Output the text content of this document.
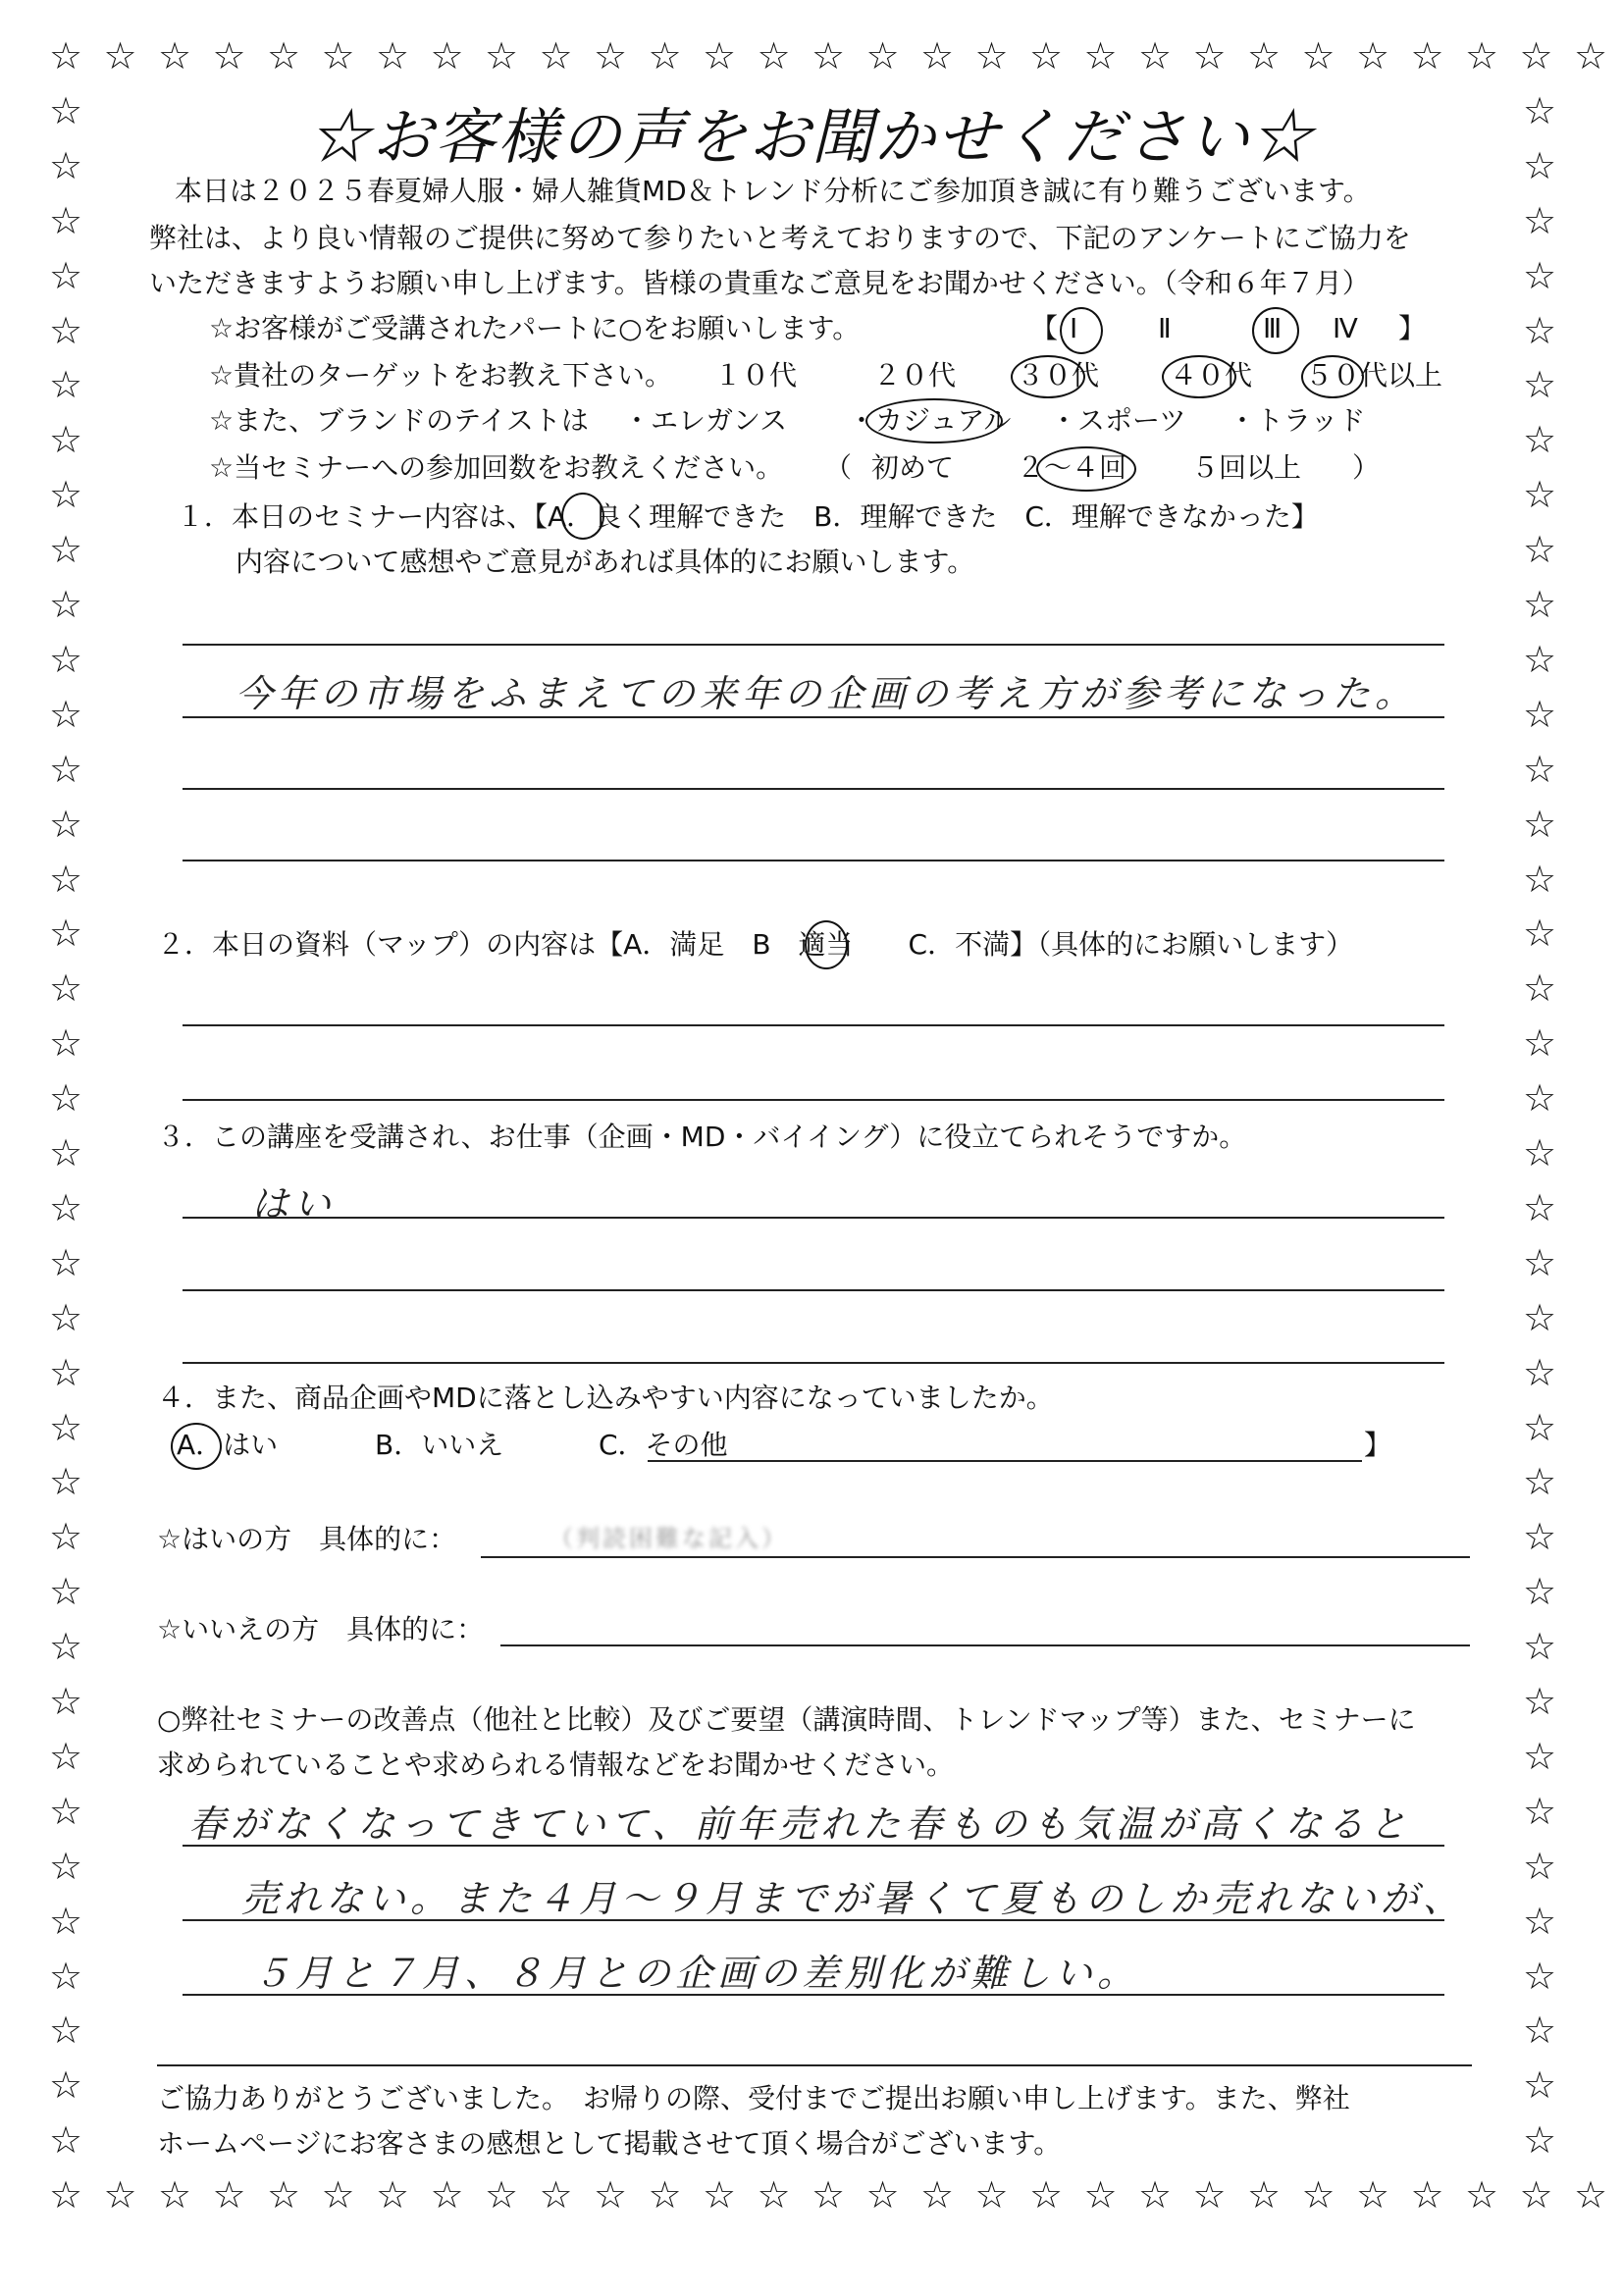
☆
☆
☆
☆
☆
☆
☆
☆
☆
☆
☆
☆
☆
☆
☆
☆
☆
☆
☆
☆
☆
☆
☆
☆
☆
☆
☆
☆
☆
☆
☆
☆
☆
☆
☆
☆
☆
☆
☆
☆
☆
☆
☆
☆
☆
☆
☆
☆
☆
☆
☆
☆
☆
☆
☆
☆
☆
☆
☆	☆
☆	☆
☆	☆
☆	☆
☆	☆
☆	☆
☆	☆
☆	☆
☆	☆
☆	☆
☆	☆
☆	☆
☆	☆
☆	☆
☆	☆
☆	☆
☆	☆
☆	☆
☆	☆
☆	☆
☆	☆
☆	☆
☆	☆
☆	☆
☆	☆
☆	☆
☆	☆
☆	☆
☆	☆
☆	☆
☆	☆
☆	☆
☆	☆
☆	☆
☆	☆
☆	☆
☆	☆
☆	☆
☆お客様の声をお聞かせください☆
本日は２０２５春夏婦人服・婦人雑貨MD＆トレンド分析にご参加頂き誠に有り難うございます。
弊社は、より良い情報のご提供に努めて参りたいと考えておりますので、下記のアンケートにご協力を
いただきますようお願い申し上げます。皆様の貴重なご意見をお聞かせください。（令和６年７月）
☆お客様がご受講されたパートに○をお願いします。	【 Ⅰ	Ⅱ	Ⅲ Ⅳ 】
☆貴社のターゲットをお教え下さい。 １０代	２０代 ３０代	４０代 ５０代以上
☆また、ブランドのテイストは ・エレガンス ・カジュアル ・スポーツ ・トラッド
☆当セミナーへの参加回数をお教えください。 （ 初めて ２～４回 ５回以上 ）
１．本日のセミナー内容は、【A．良く理解できた　B．理解できた　C．理解できなかった】
内容について感想やご意見があれば具体的にお願いします。
今年の市場をふまえての来年の企画の考え方が参考になった。
２．本日の資料（マップ）の内容は【A．満足　B　適当　　C．不満】（具体的にお願いします）
３．この講座を受講され、お仕事（企画・MD・バイイング）に役立てられそうですか。
はい
４．また、商品企画やMDに落とし込みやすい内容になっていましたか。
A．はい	B．いいえ	C．その他	】
☆はいの方　具体的に：	（判読困難な記入）
☆いいえの方　具体的に：
○弊社セミナーの改善点（他社と比較）及びご要望（講演時間、トレンドマップ等）また、セミナーに
求められていることや求められる情報などをお聞かせください。
春がなくなってきていて、前年売れた春ものも気温が高くなると
売れない。また４月～９月までが暑くて夏ものしか売れないが、
５月と７月、８月との企画の差別化が難しい。
ご協力ありがとうございました。　お帰りの際、受付までご提出お願い申し上げます。また、弊社
ホームページにお客さまの感想として掲載させて頂く場合がございます。
